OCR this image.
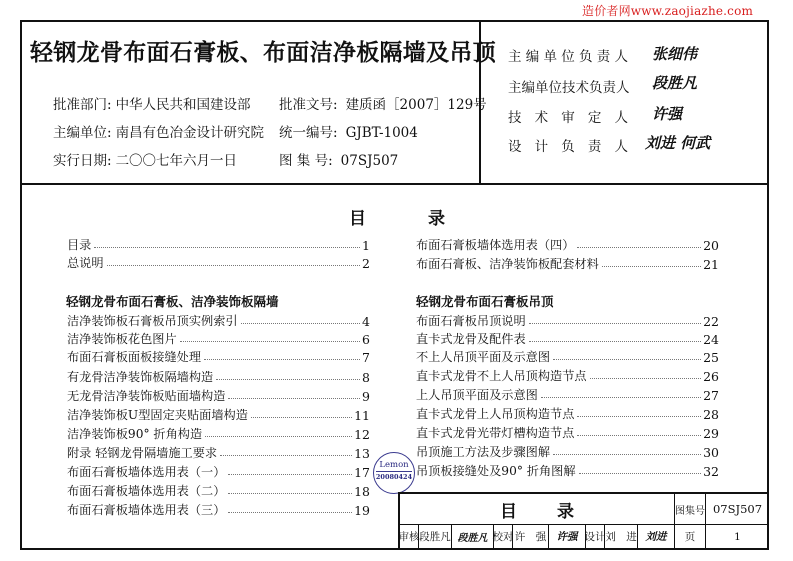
造价者网www.zaojiazhe.com
轻钢龙骨布面石膏板、布面洁净板隔墙及吊顶
批准部门: 中华人民共和国建设部
主编单位: 南昌有色冶金设计研究院
实行日期: 二〇〇七年六月一日
批准文号: 建质函［2007］129号
统一编号: GJBT-1004
图 集 号: 07SJ507
主编单位负责人 张细伟
主编单位技术负责人 段胜凡
技术审定人 许强
设计负责人 刘进 何武
目	录
目录	1
总说明	2
轻钢龙骨布面石膏板、洁净装饰板隔墙
洁净装饰板石膏板吊顶实例索引	4
洁净装饰板花色图片	6
布面石膏板面板接缝处理	7
有龙骨洁净装饰板隔墙构造	8
无龙骨洁净装饰板贴面墙构造	9
洁净装饰板U型固定夹贴面墙构造	11
洁净装饰板90° 折角构造	12
附录 轻钢龙骨隔墙施工要求	13
布面石膏板墙体选用表（一）	17
布面石膏板墙体选用表（二）	18
布面石膏板墙体选用表（三）	19
布面石膏板墙体选用表（四）	20
布面石膏板、洁净装饰板配套材料	21
轻钢龙骨布面石膏板吊顶
布面石膏板吊顶说明	22
直卡式龙骨及配件表	24
不上人吊顶平面及示意图	25
直卡式龙骨不上人吊顶构造节点	26
上人吊顶平面及示意图	27
直卡式龙骨上人吊顶构造节点	28
直卡式龙骨光带灯槽构造节点	29
吊顶施工方法及步骤图解	30
吊顶板接缝处及90° 折角图解	32
Lemon
20080424
目录	图集号 07SJ507
审核 段胜凡 段胜凡 校对 许　强 许强 设计 刘　进 刘进	页	1
